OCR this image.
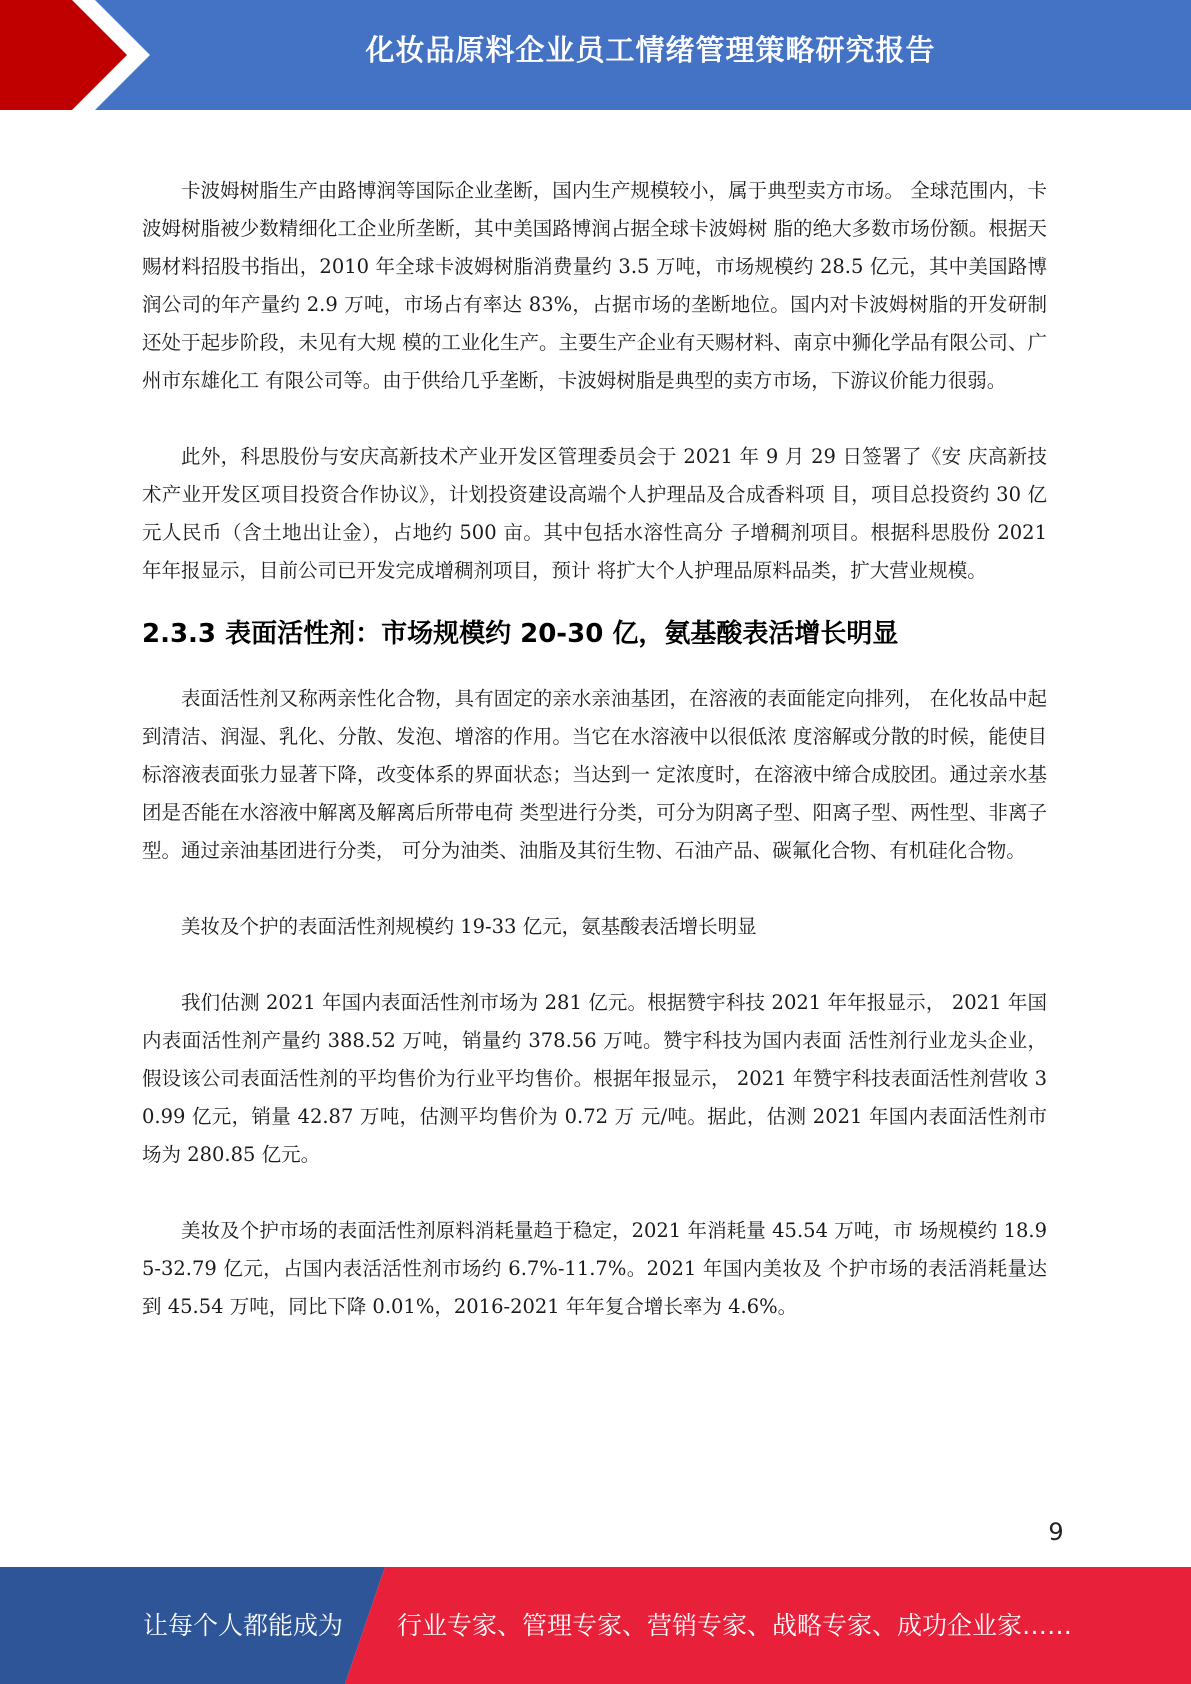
化妆品原料企业员工情绪管理策略研究报告

卡波姆树脂生产由路博润等国际企业垄断，国内生产规模较小，属于典型卖方市场。 全球范围内，卡波姆树脂被少数精细化工企业所垄断，其中美国路博润占据全球卡波姆树 脂的绝大多数市场份额。根据天赐材料招股书指出，2010 年全球卡波姆树脂消费量约 3.5 万吨，市场规模约 28.5 亿元，其中美国路博润公司的年产量约 2.9 万吨，市场占有率达 83%，占据市场的垄断地位。国内对卡波姆树脂的开发研制还处于起步阶段，未见有大规 模的工业化生产。主要生产企业有天赐材料、南京中狮化学品有限公司、广州市东雄化工 有限公司等。由于供给几乎垄断，卡波姆树脂是典型的卖方市场，下游议价能力很弱。

此外，科思股份与安庆高新技术产业开发区管理委员会于 2021 年 9 月 29 日签署了《安 庆高新技术产业开发区项目投资合作协议》，计划投资建设高端个人护理品及合成香料项 目，项目总投资约 30 亿元人民币（含土地出让金），占地约 500 亩。其中包括水溶性高分 子增稠剂项目。根据科思股份 2021 年年报显示，目前公司已开发完成增稠剂项目，预计 将扩大个人护理品原料品类，扩大营业规模。

2.3.3 表面活性剂：市场规模约 20-30 亿，氨基酸表活增长明显

表面活性剂又称两亲性化合物，具有固定的亲水亲油基团，在溶液的表面能定向排列， 在化妆品中起到清洁、润湿、乳化、分散、发泡、增溶的作用。当它在水溶液中以很低浓 度溶解或分散的时候，能使目标溶液表面张力显著下降，改变体系的界面状态；当达到一 定浓度时，在溶液中缔合成胶团。通过亲水基团是否能在水溶液中解离及解离后所带电荷 类型进行分类，可分为阴离子型、阳离子型、两性型、非离子型。通过亲油基团进行分类， 可分为油类、油脂及其衍生物、石油产品、碳氟化合物、有机硅化合物。

美妆及个护的表面活性剂规模约 19-33 亿元，氨基酸表活增长明显

我们估测 2021 年国内表面活性剂市场为 281 亿元。根据赞宇科技 2021 年年报显示， 2021 年国内表面活性剂产量约 388.52 万吨，销量约 378.56 万吨。赞宇科技为国内表面 活性剂行业龙头企业，假设该公司表面活性剂的平均售价为行业平均售价。根据年报显示， 2021 年赞宇科技表面活性剂营收 30.99 亿元，销量 42.87 万吨，估测平均售价为 0.72 万 元/吨。据此，估测 2021 年国内表面活性剂市场为 280.85 亿元。

美妆及个护市场的表面活性剂原料消耗量趋于稳定，2021 年消耗量 45.54 万吨，市 场规模约 18.95-32.79 亿元，占国内表活活性剂市场约 6.7%-11.7%。2021 年国内美妆及 个护市场的表活消耗量达到 45.54 万吨，同比下降 0.01%，2016-2021 年年复合增长率为 4.6%。

9
让每个人都能成为 行业专家、管理专家、营销专家、战略专家、成功企业家……
